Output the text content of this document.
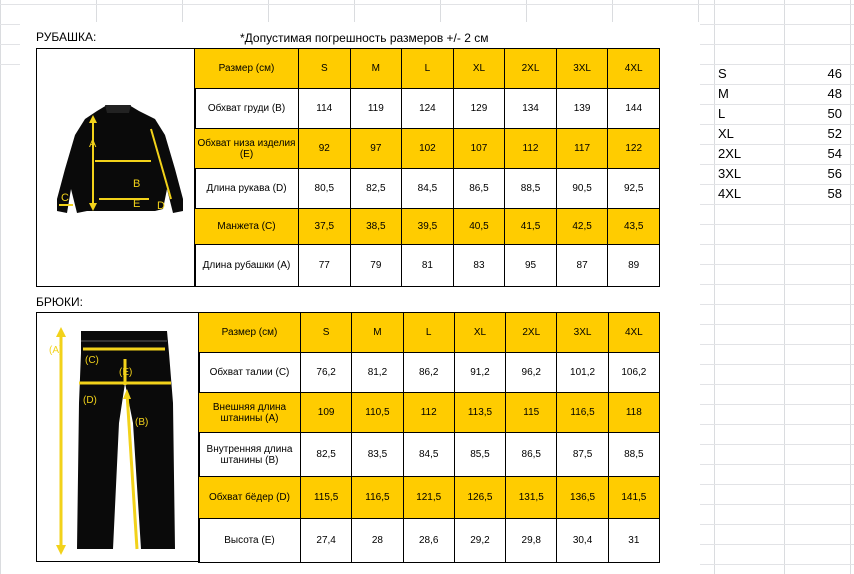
РУБАШКА:	*Допустимая погрешность размеров +/- 2 см
A
B
E
C
D
Размер (см)	S	M	L	XL	2XL	3XL	4XL
Обхват груди (B)	114	119	124	129	134	139	144
Обхват низа изделия (E)	92	97	102	107	112	117	122
Длина рукава (D)	80,5	82,5	84,5	86,5	88,5	90,5	92,5
Манжета (C)	37,5	38,5	39,5	40,5	41,5	42,5	43,5
Длина рубашки (A)	77	79	81	83	95	87	89
БРЮКИ:
(A)
(C)
(E)
(D)
(B)
Размер (см)	S	M	L	XL	2XL	3XL	4XL
Обхват талии (C)	76,2	81,2	86,2	91,2	96,2	101,2	106,2
Внешняя длина штанины (A)	109	110,5	112	113,5	115	116,5	118
Внутренняя длина штанины (B)	82,5	83,5	84,5	85,5	86,5	87,5	88,5
Обхват бёдер (D)	115,5	116,5	121,5	126,5	131,5	136,5	141,5
Высота (E)	27,4	28	28,6	29,2	29,8	30,4	31
S	46
M	48
L	50
XL	52
2XL	54
3XL	56
4XL	58
